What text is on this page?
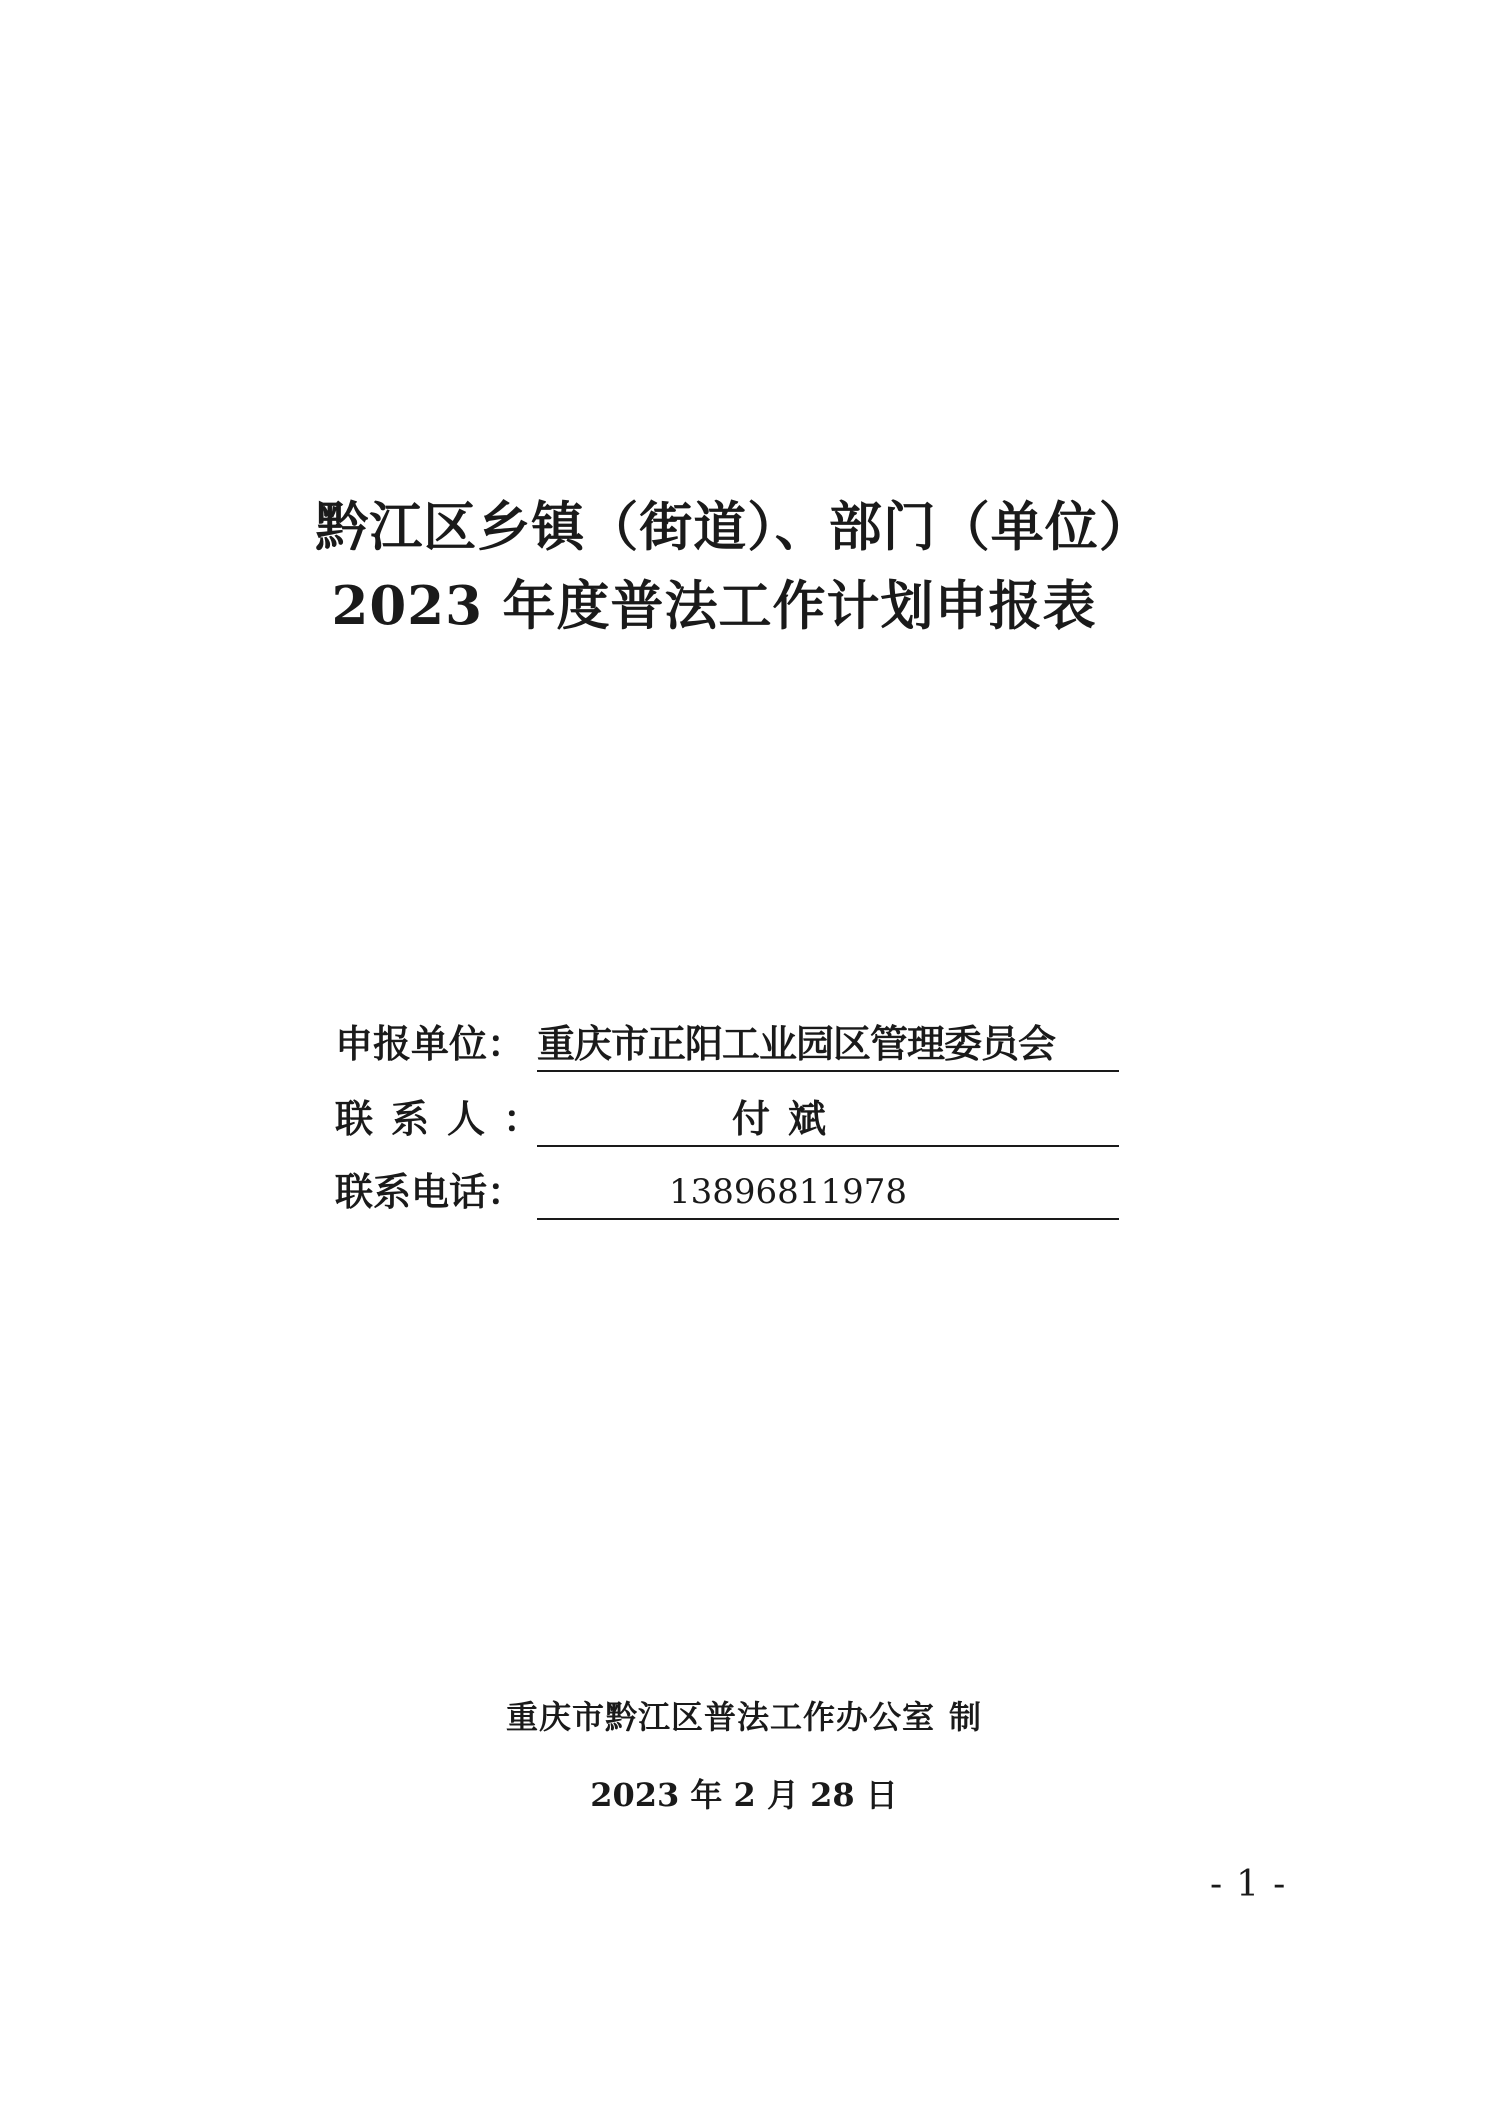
黔江区乡镇（街道）、部门（单位）
2023 年度普法工作计划申报表
申报单位： 重庆市正阳工业园区管理委员会
联系人：	付斌
联系电话：	13896811978
重庆市黔江区普法工作办公室 制
2023 年 2 月 28 日
-1-
